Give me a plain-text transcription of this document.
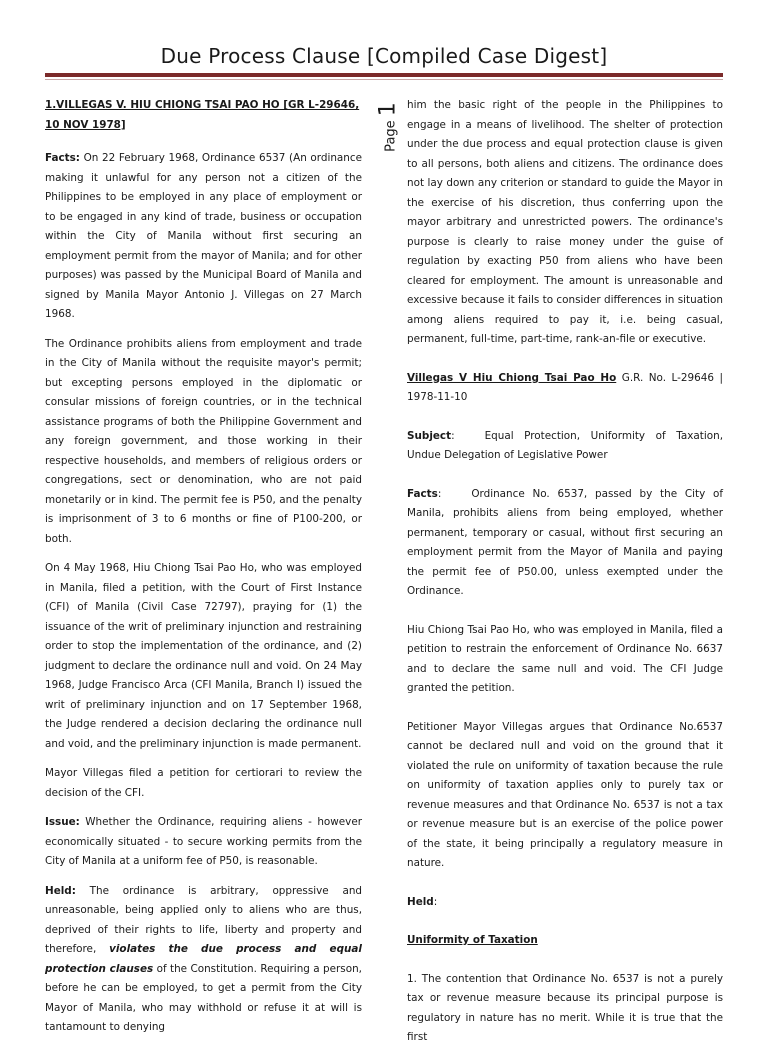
Due Process Clause [Compiled Case Digest]
Page 1

1.VILLEGAS V. HIU CHIONG TSAI PAO HO [GR L-29646, 10 NOV 1978]

Facts: On 22 February 1968, Ordinance 6537 (An ordinance making it unlawful for any person not a citizen of the Philippines to be employed in any place of employment or to be engaged in any kind of trade, business or occupation within the City of Manila without first securing an employment permit from the mayor of Manila; and for other purposes) was passed by the Municipal Board of Manila and signed by Manila Mayor Antonio J. Villegas on 27 March 1968.

The Ordinance prohibits aliens from employment and trade in the City of Manila without the requisite mayor's permit; but excepting persons employed in the diplomatic or consular missions of foreign countries, or in the technical assistance programs of both the Philippine Government and any foreign government, and those working in their respective households, and members of religious orders or congregations, sect or denomination, who are not paid monetarily or in kind. The permit fee is P50, and the penalty is imprisonment of 3 to 6 months or fine of P100-200, or both.

On 4 May 1968, Hiu Chiong Tsai Pao Ho, who was employed in Manila, filed a petition, with the Court of First Instance (CFI) of Manila (Civil Case 72797), praying for (1) the issuance of the writ of preliminary injunction and restraining order to stop the implementation of the ordinance, and (2) judgment to declare the ordinance null and void. On 24 May 1968, Judge Francisco Arca (CFI Manila, Branch I) issued the writ of preliminary injunction and on 17 September 1968, the Judge rendered a decision declaring the ordinance null and void, and the preliminary injunction is made permanent.

Mayor Villegas filed a petition for certiorari to review the decision of the CFI.

Issue: Whether the Ordinance, requiring aliens - however economically situated - to secure working permits from the City of Manila at a uniform fee of P50, is reasonable.

Held: The ordinance is arbitrary, oppressive and unreasonable, being applied only to aliens who are thus, deprived of their rights to life, liberty and property and therefore, violates the due process and equal protection clauses of the Constitution. Requiring a person, before he can be employed, to get a permit from the City Mayor of Manila, who may withhold or refuse it at will is tantamount to denying

him the basic right of the people in the Philippines to engage in a means of livelihood. The shelter of protection under the due process and equal protection clause is given to all persons, both aliens and citizens. The ordinance does not lay down any criterion or standard to guide the Mayor in the exercise of his discretion, thus conferring upon the mayor arbitrary and unrestricted powers. The ordinance's purpose is clearly to raise money under the guise of regulation by exacting P50 from aliens who have been cleared for employment. The amount is unreasonable and excessive because it fails to consider differences in situation among aliens required to pay it, i.e. being casual, permanent, full-time, part-time, rank-an-file or executive.

Villegas V Hiu Chiong Tsai Pao Ho G.R. No. L-29646 | 1978-11-10

Subject:	Equal Protection, Uniformity of Taxation, Undue Delegation of Legislative Power

Facts:	Ordinance No. 6537, passed by the City of Manila, prohibits aliens from being employed, whether permanent, temporary or casual, without first securing an employment permit from the Mayor of Manila and paying the permit fee of P50.00, unless exempted under the Ordinance.

Hiu Chiong Tsai Pao Ho, who was employed in Manila, filed a petition to restrain the enforcement of Ordinance No. 6637 and to declare the same null and void. The CFI Judge granted the petition.

Petitioner Mayor Villegas argues that Ordinance No.6537 cannot be declared null and void on the ground that it violated the rule on uniformity of taxation because the rule on uniformity of taxation applies only to purely tax or revenue measures and that Ordinance No. 6537 is not a tax or revenue measure but is an exercise of the police power of the state, it being principally a regulatory measure in nature.

Held:

Uniformity of Taxation

1. The contention that Ordinance No. 6537 is not a purely tax or revenue measure because its principal purpose is regulatory in nature has no merit. While it is true that the first
